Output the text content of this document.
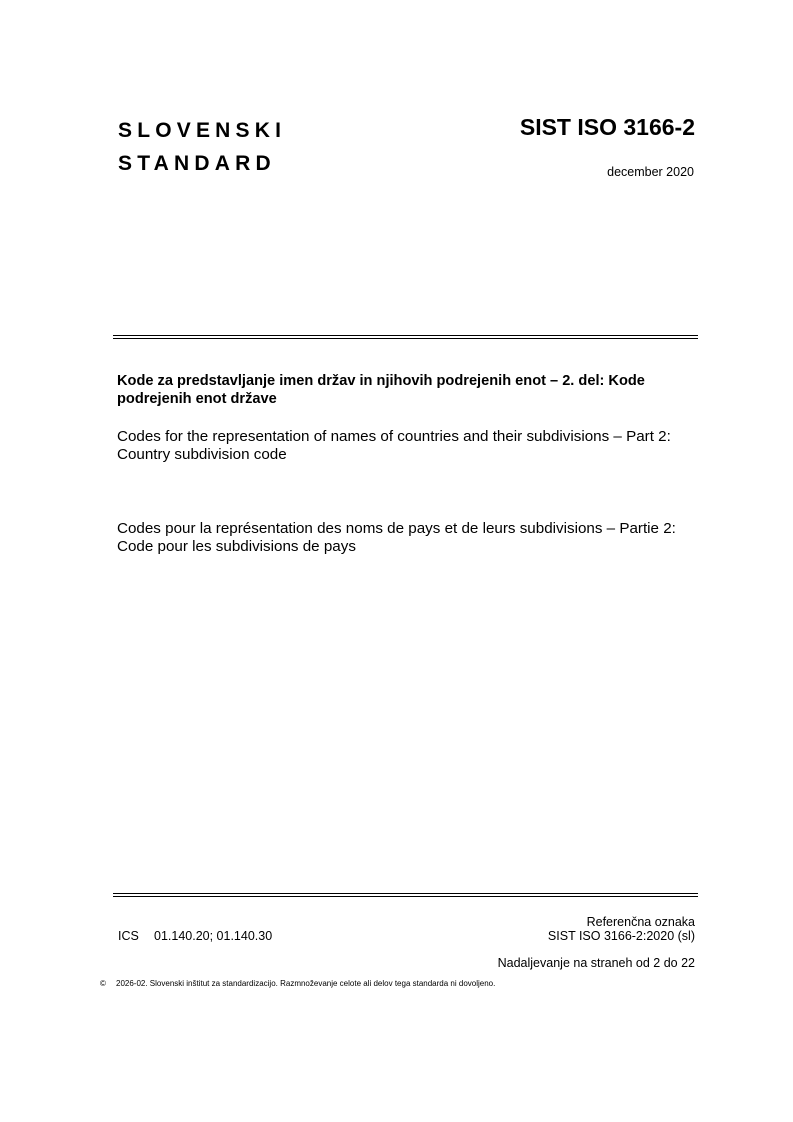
SLOVENSKI
STANDARD
SIST ISO 3166-2
december 2020
Kode za predstavljanje imen držav in njihovih podrejenih enot – 2. del: Kode podrejenih enot države
Codes for the representation of names of countries and their subdivisions – Part 2: Country subdivision code
Codes pour la représentation des noms de pays et de leurs subdivisions – Partie 2: Code pour les subdivisions de pays
ICS 01.140.20; 01.140.30
Referenčna oznaka
SIST ISO 3166-2:2020 (sl)
Nadaljevanje na straneh od 2 do 22
© 2026-02. Slovenski inštitut za standardizacijo. Razmnoževanje celote ali delov tega standarda ni dovoljeno.
